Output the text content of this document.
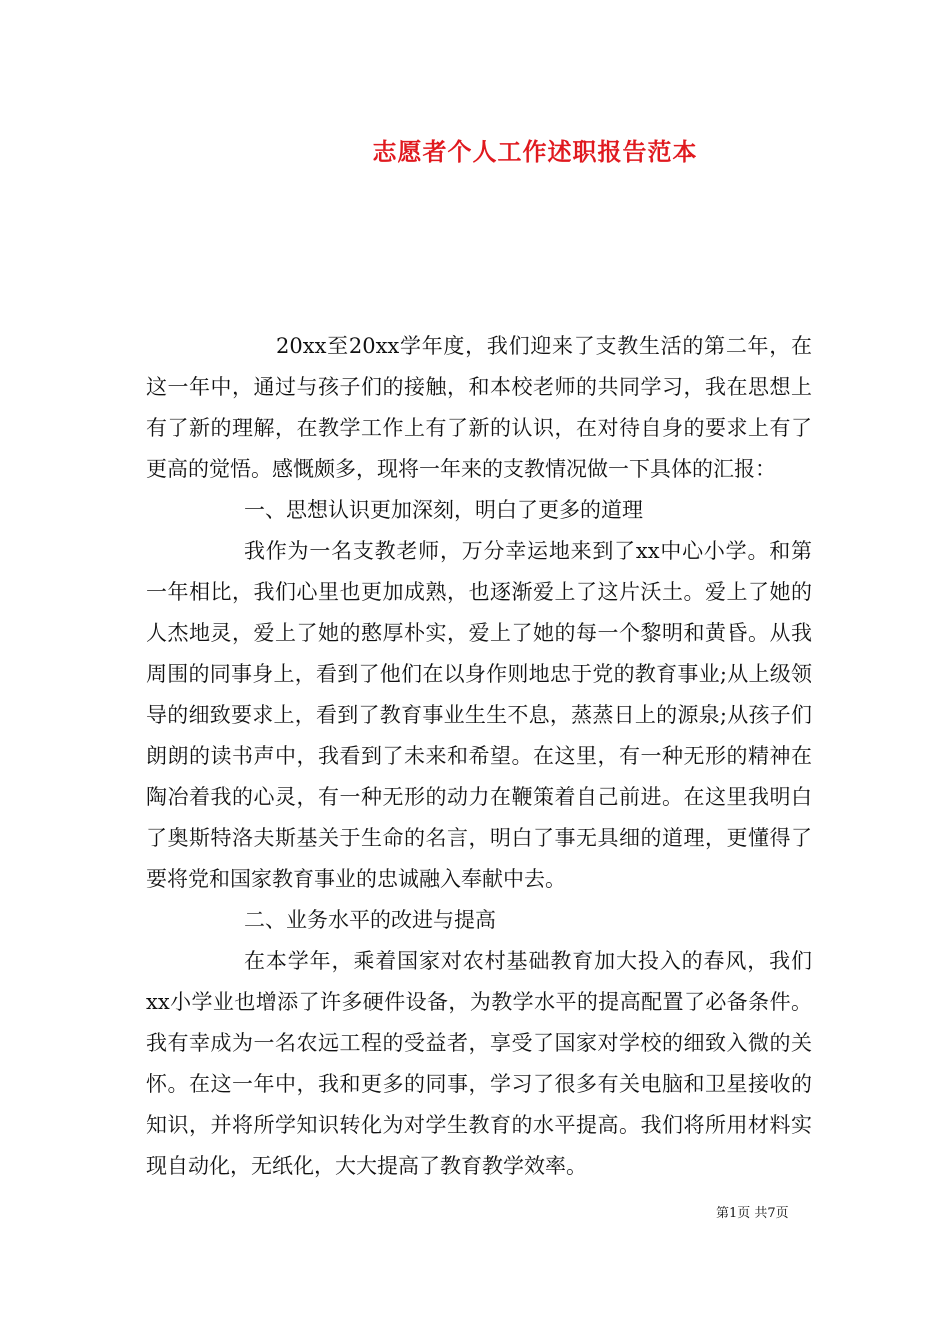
志愿者个人工作述职报告范本

20xx至20xx学年度，我们迎来了支教生活的第二年，在这一年中，通过与孩子们的接触，和本校老师的共同学习，我在思想上有了新的理解，在教学工作上有了新的认识，在对待自身的要求上有了更高的觉悟。感慨颇多，现将一年来的支教情况做一下具体的汇报：

一、思想认识更加深刻，明白了更多的道理

我作为一名支教老师，万分幸运地来到了xx中心小学。和第一年相比，我们心里也更加成熟，也逐渐爱上了这片沃土。爱上了她的人杰地灵，爱上了她的憨厚朴实，爱上了她的每一个黎明和黄昏。从我周围的同事身上，看到了他们在以身作则地忠于党的教育事业;从上级领导的细致要求上，看到了教育事业生生不息，蒸蒸日上的源泉;从孩子们朗朗的读书声中，我看到了未来和希望。在这里，有一种无形的精神在陶冶着我的心灵，有一种无形的动力在鞭策着自己前进。在这里我明白了奥斯特洛夫斯基关于生命的名言，明白了事无具细的道理，更懂得了要将党和国家教育事业的忠诚融入奉献中去。

二、业务水平的改进与提高

在本学年，乘着国家对农村基础教育加大投入的春风，我们xx小学业也增添了许多硬件设备，为教学水平的提高配置了必备条件。我有幸成为一名农远工程的受益者，享受了国家对学校的细致入微的关怀。在这一年中，我和更多的同事，学习了很多有关电脑和卫星接收的知识，并将所学知识转化为对学生教育的水平提高。我们将所用材料实现自动化，无纸化，大大提高了教育教学效率。

第1页 共7页
